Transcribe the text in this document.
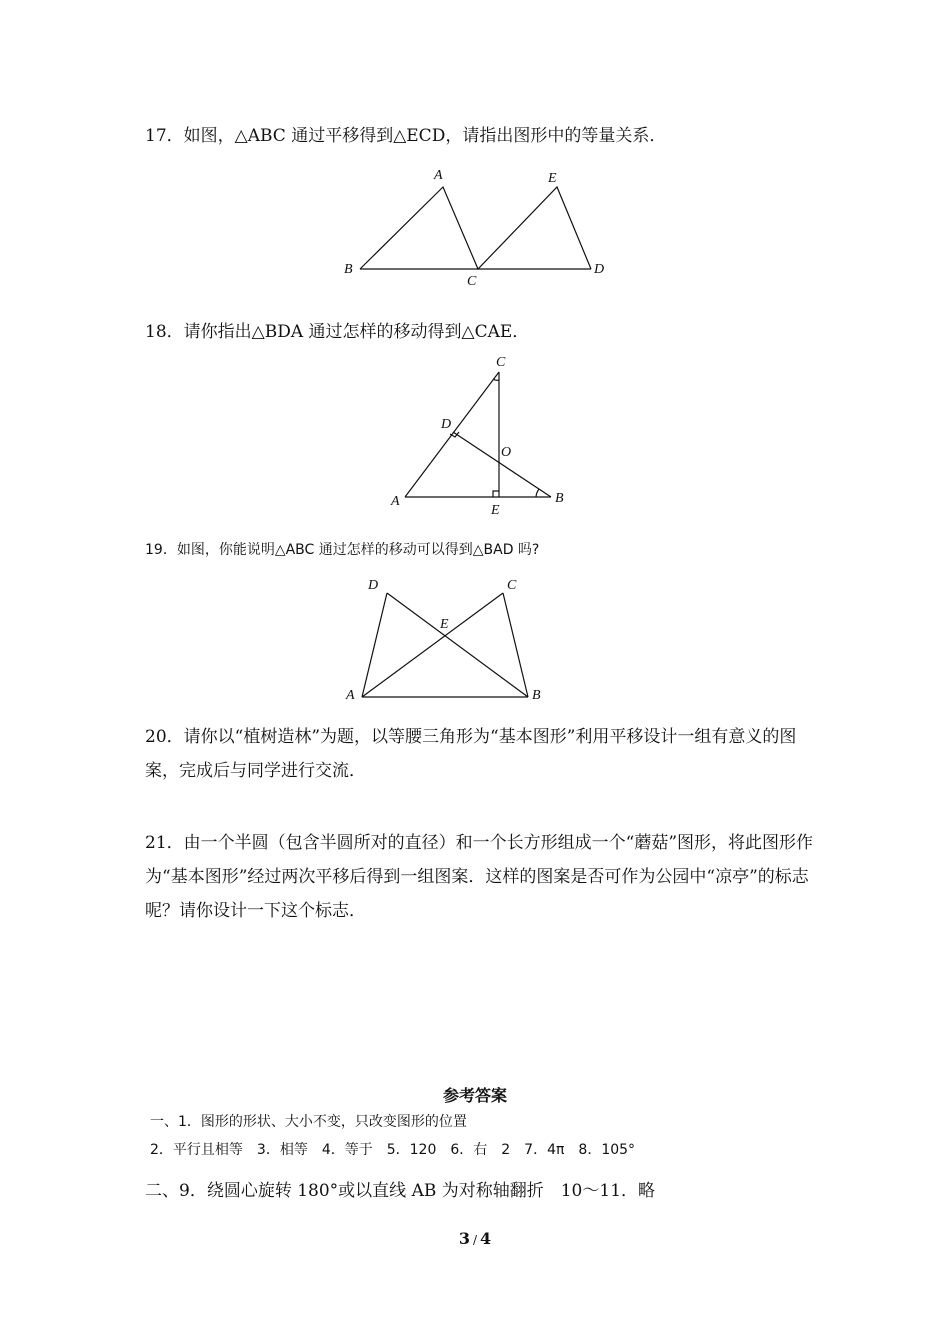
17．如图，△ABC 通过平移得到△ECD，请指出图形中的等量关系．
A
B
C
D
E
18．请你指出△BDA 通过怎样的移动得到△CAE．
C
D
O
A
E
B
19．如图，你能说明△ABC 通过怎样的移动可以得到△BAD 吗?
D	C
E
A	B
20．请你以“植树造林”为题，以等腰三角形为“基本图形”利用平移设计一组有意义的图案，完成后与同学进行交流．
21．由一个半圆（包含半圆所对的直径）和一个长方形组成一个“蘑菇”图形，将此图形作为“基本图形”经过两次平移后得到一组图案．这样的图案是否可作为公园中“凉亭”的标志呢？请你设计一下这个标志．
参考答案
一、1．图形的形状、大小不变，只改变图形的位置
2．平行且相等　3．相等　4．等于　5．120　6．右　2　7．4π　8．105°
二、9．绕圆心旋转 180°或以直线 AB 为对称轴翻折　10～11．略
3 / 4
